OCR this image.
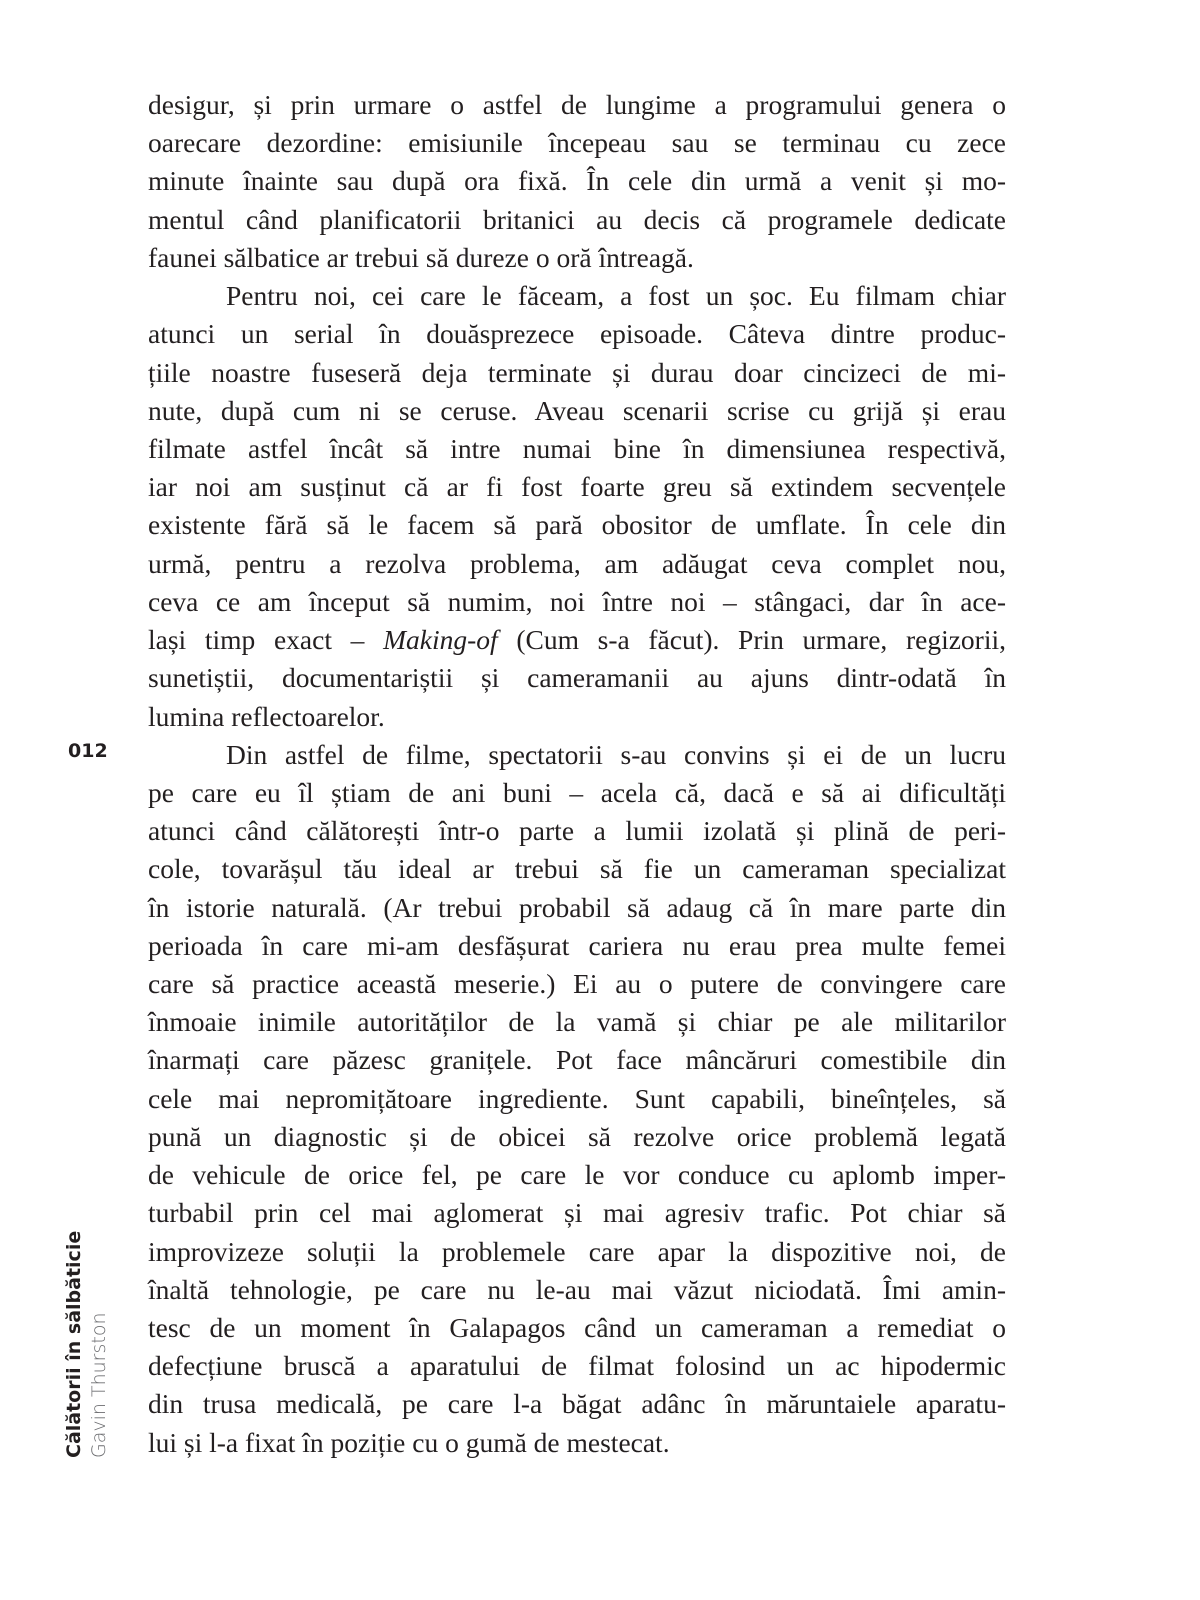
desigur, și prin urmare o astfel de lungime a programului genera o
oarecare dezordine: emisiunile începeau sau se terminau cu zece
minute înainte sau după ora fixă. În cele din urmă a venit și mo-
mentul când planificatorii britanici au decis că programele dedicate
faunei sălbatice ar trebui să dureze o oră întreagă.
Pentru noi, cei care le făceam, a fost un șoc. Eu filmam chiar
atunci un serial în douăsprezece episoade. Câteva dintre produc-
țiile noastre fuseseră deja terminate și durau doar cincizeci de mi-
nute, după cum ni se ceruse. Aveau scenarii scrise cu grijă și erau
filmate astfel încât să intre numai bine în dimensiunea respectivă,
iar noi am susținut că ar fi fost foarte greu să extindem secvențele
existente fără să le facem să pară obositor de umflate. În cele din
urmă, pentru a rezolva problema, am adăugat ceva complet nou,
ceva ce am început să numim, noi între noi – stângaci, dar în ace-
lași timp exact – Making-of (Cum s-a făcut). Prin urmare, regizorii,
sunetiștii, documentariștii și cameramanii au ajuns dintr-odată în
lumina reflectoarelor.
Din astfel de filme, spectatorii s-au convins și ei de un lucru
pe care eu îl știam de ani buni – acela că, dacă e să ai dificultăți
atunci când călătorești într-o parte a lumii izolată și plină de peri-
cole, tovarășul tău ideal ar trebui să fie un cameraman specializat
în istorie naturală. (Ar trebui probabil să adaug că în mare parte din
perioada în care mi-am desfășurat cariera nu erau prea multe femei
care să practice această meserie.) Ei au o putere de convingere care
înmoaie inimile autorităților de la vamă și chiar pe ale militarilor
înarmați care păzesc granițele. Pot face mâncăruri comestibile din
cele mai nepromițătoare ingrediente. Sunt capabili, bineînțeles, să
pună un diagnostic și de obicei să rezolve orice problemă legată
de vehicule de orice fel, pe care le vor conduce cu aplomb imper-
turbabil prin cel mai aglomerat și mai agresiv trafic. Pot chiar să
improvizeze soluții la problemele care apar la dispozitive noi, de
înaltă tehnologie, pe care nu le-au mai văzut niciodată. Îmi amin-
tesc de un moment în Galapagos când un cameraman a remediat o
defecțiune bruscă a aparatului de filmat folosind un ac hipodermic
din trusa medicală, pe care l-a băgat adânc în măruntaiele aparatu-
lui și l-a fixat în poziție cu o gumă de mestecat.
012
Călătorii în sălbăticie Gavin Thurston
